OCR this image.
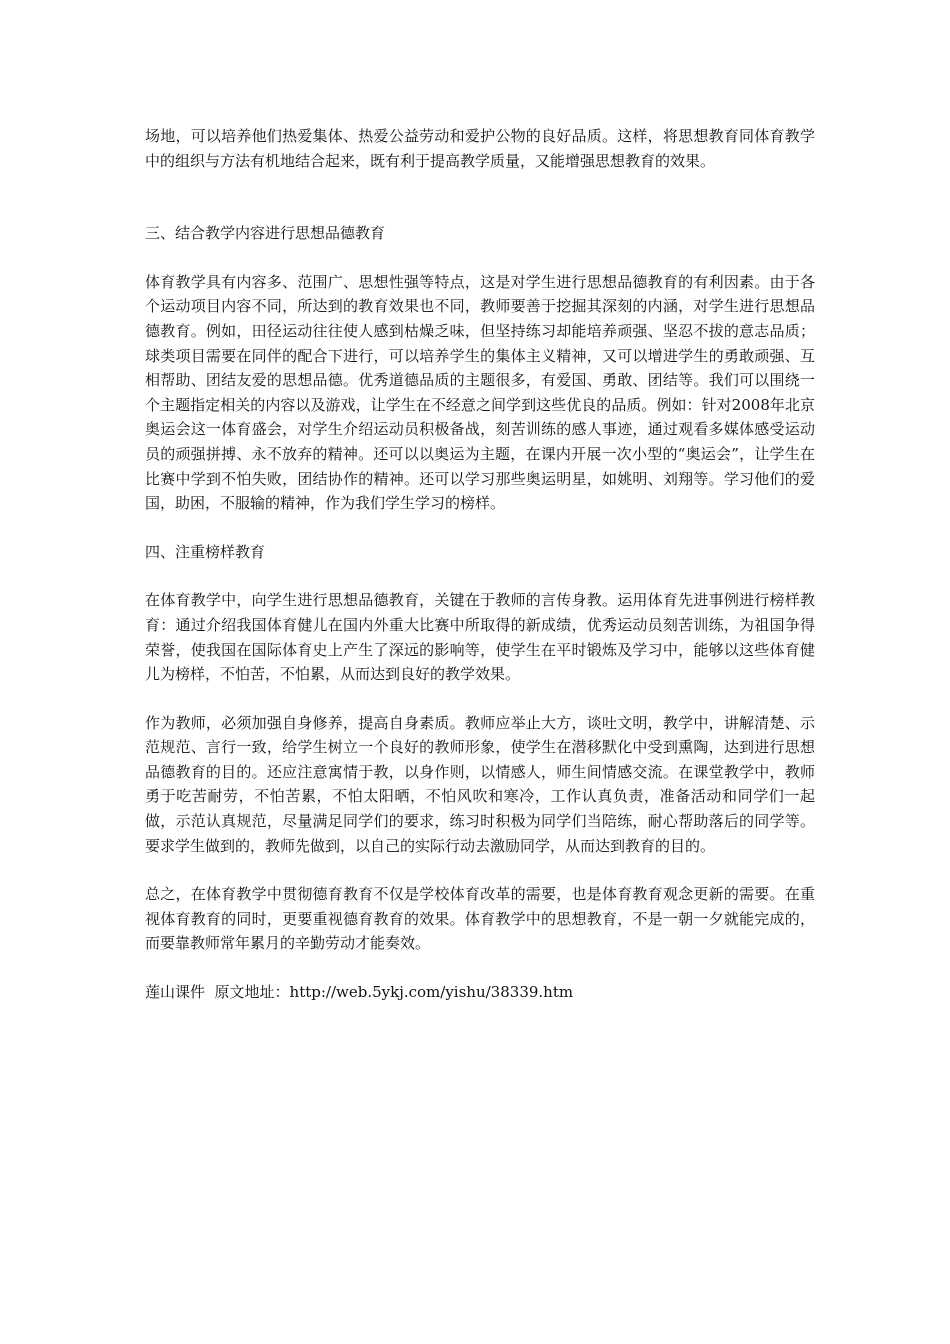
场地，可以培养他们热爱集体、热爱公益劳动和爱护公物的良好品质。这样，将思想教育同体育教学中的组织与方法有机地结合起来，既有利于提高教学质量，又能增强思想教育的效果。

三、结合教学内容进行思想品德教育

体育教学具有内容多、范围广、思想性强等特点，这是对学生进行思想品德教育的有利因素。由于各个运动项目内容不同，所达到的教育效果也不同，教师要善于挖掘其深刻的内涵，对学生进行思想品德教育。例如，田径运动往往使人感到枯燥乏味，但坚持练习却能培养顽强、坚忍不拔的意志品质；球类项目需要在同伴的配合下进行，可以培养学生的集体主义精神，又可以增进学生的勇敢顽强、互相帮助、团结友爱的思想品德。优秀道德品质的主题很多，有爱国、勇敢、团结等。我们可以围绕一个主题指定相关的内容以及游戏，让学生在不经意之间学到这些优良的品质。例如：针对2008年北京奥运会这一体育盛会，对学生介绍运动员积极备战，刻苦训练的感人事迹，通过观看多媒体感受运动员的顽强拼搏、永不放弃的精神。还可以以奥运为主题，在课内开展一次小型的“奥运会”，让学生在比赛中学到不怕失败，团结协作的精神。还可以学习那些奥运明星，如姚明、刘翔等。学习他们的爱国，助困，不服输的精神，作为我们学生学习的榜样。

四、注重榜样教育

在体育教学中，向学生进行思想品德教育，关键在于教师的言传身教。运用体育先进事例进行榜样教育：通过介绍我国体育健儿在国内外重大比赛中所取得的新成绩，优秀运动员刻苦训练，为祖国争得荣誉，使我国在国际体育史上产生了深远的影响等，使学生在平时锻炼及学习中，能够以这些体育健儿为榜样，不怕苦，不怕累，从而达到良好的教学效果。

作为教师，必须加强自身修养，提高自身素质。教师应举止大方，谈吐文明，教学中，讲解清楚、示范规范、言行一致，给学生树立一个良好的教师形象，使学生在潜移默化中受到熏陶，达到进行思想品德教育的目的。还应注意寓情于教，以身作则，以情感人，师生间情感交流。在课堂教学中，教师勇于吃苦耐劳，不怕苦累，不怕太阳晒，不怕风吹和寒冷，工作认真负责，准备活动和同学们一起做，示范认真规范，尽量满足同学们的要求，练习时积极为同学们当陪练，耐心帮助落后的同学等。要求学生做到的，教师先做到，以自己的实际行动去激励同学，从而达到教育的目的。

总之，在体育教学中贯彻德育教育不仅是学校体育改革的需要，也是体育教育观念更新的需要。在重视体育教育的同时，更要重视德育教育的效果。体育教学中的思想教育，不是一朝一夕就能完成的，而要靠教师常年累月的辛勤劳动才能奏效。

莲山课件  原文地址：http://web.5ykj.com/yishu/38339.htm
